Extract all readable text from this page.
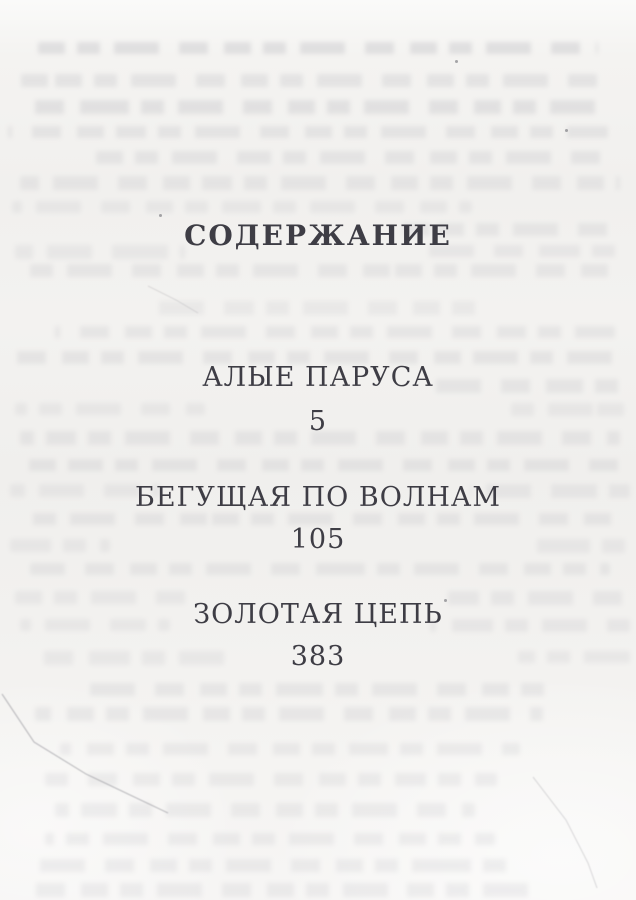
СОДЕРЖАНИЕ
АЛЫЕ ПАРУСА
5
БЕГУЩАЯ ПО ВОЛНАМ
105
ЗОЛОТАЯ ЦЕПЬ
383
